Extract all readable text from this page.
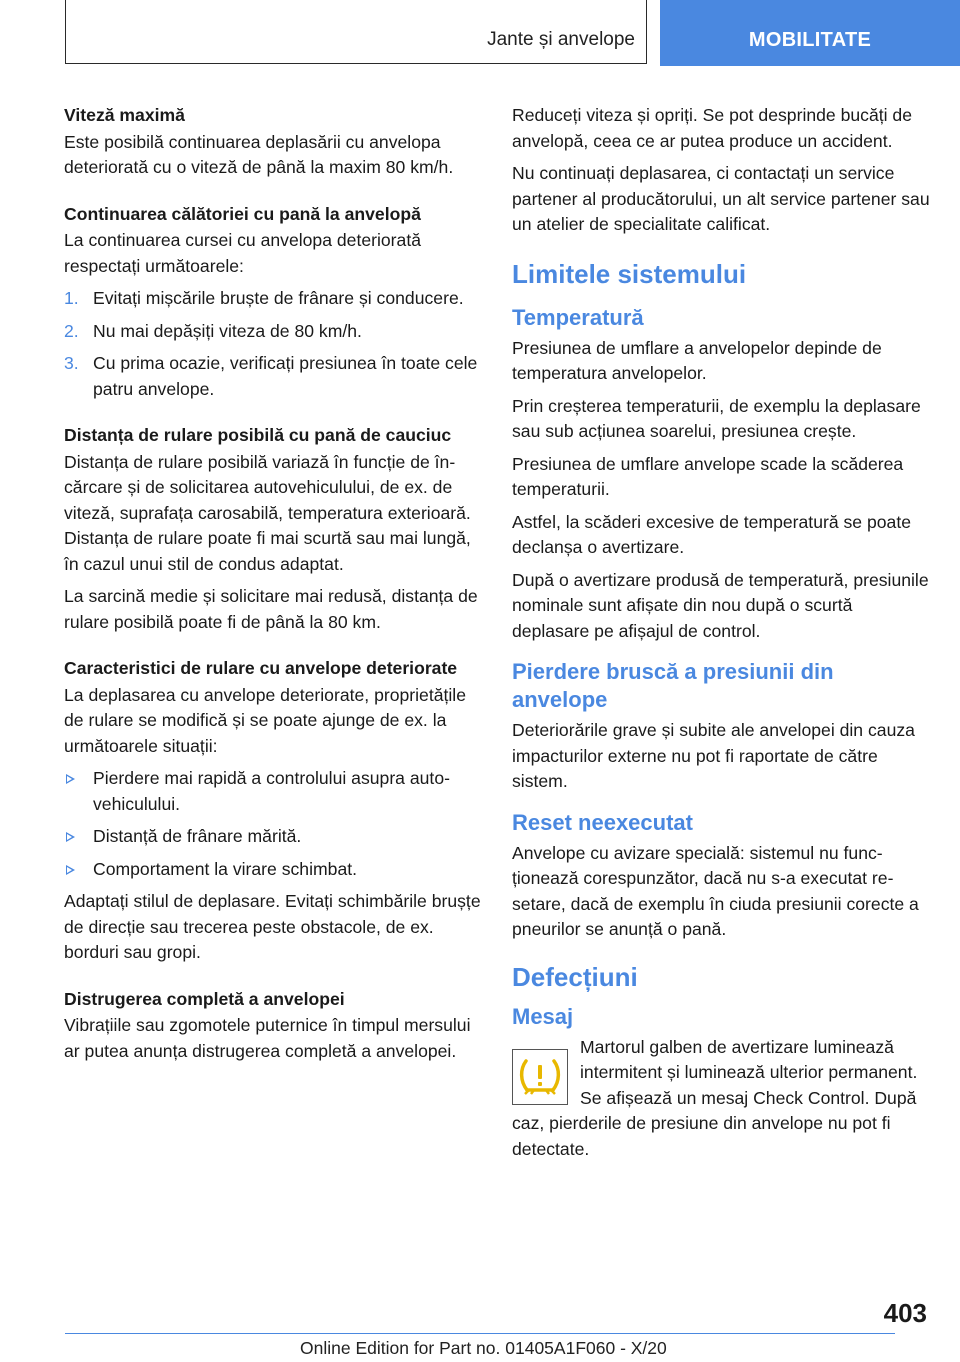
Jante și anvelope	MOBILITATE
Viteză maximă

Este posibilă continuarea deplasării cu anvelopa deteriorată cu o viteză de până la maxim 80 km/h.

Continuarea călătoriei cu pană la anvelopă

La continuarea cursei cu anvelopa deteriorată respectați următoarele:

1. Evitați mișcările bruște de frânare și conducere.
2. Nu mai depășiți viteza de 80 km/h.
3. Cu prima ocazie, verificați presiunea în toate cele patru anvelope.
Distanța de rulare posibilă cu pană de cauciuc

Distanța de rulare posibilă variază în funcție de încărcare și de solicitarea autovehiculului, de ex. de viteză, suprafața carosabilă, temperatura exterioară. Distanța de rulare poate fi mai scurtă sau mai lungă, în cazul unui stil de condus adaptat.

La sarcină medie și solicitare mai redusă, distanța de rulare posibilă poate fi de până la 80 km.

Caracteristici de rulare cu anvelope deteriorate

La deplasarea cu anvelope deteriorate, proprietățile de rulare se modifică și se poate ajunge de ex. la următoarele situații:

Pierdere mai rapidă a controlului asupra autovehiculului.
Distanță de frânare mărită.
Comportament la virare schimbat.

Adaptați stilul de deplasare. Evitați schimbările brușțe de direcție sau trecerea peste obstacole, de ex. borduri sau gropi.

Distrugerea completă a anvelopei

Vibrațiile sau zgomotele puternice în timpul mersului ar putea anunța distrugerea completă a anvelopei.

Reduceți viteza și opriți. Se pot desprinde bucăți de anvelopă, ceea ce ar putea produce un accident.

Nu continuați deplasarea, ci contactați un service partener al producătorului, un alt service partener sau un atelier de specialitate calificat.

Limitele sistemului
Temperatură

Presiunea de umflare a anvelopelor depinde de temperatura anvelopelor.

Prin creșterea temperaturii, de exemplu la deplasare sau sub acțiunea soarelui, presiunea crește.

Presiunea de umflare anvelope scade la scăderea temperaturii.

Astfel, la scăderi excesive de temperatură se poate declanșa o avertizare.

După o avertizare produsă de temperatură, presiunile nominale sunt afișate din nou după o scurtă deplasare pe afișajul de control.

Pierdere bruscă a presiunii din anvelope

Deteriorările grave și subite ale anvelopei din cauza impacturilor externe nu pot fi raportate de către sistem.

Reset neexecutat

Anvelope cu avizare specială: sistemul nu funcționează corespunzător, dacă nu s-a executat resetare, dacă de exemplu în ciuda presiunii corecte a pneurilor se anunță o pană.

Defecțiuni
Mesaj

Martorul galben de avertizare luminează intermitent și luminează ulterior permanent. Se afișează un mesaj Check Control. După caz, pierderile de presiune din anvelope nu pot fi detectate.

403
Online Edition for Part no. 01405A1F060 - X/20
